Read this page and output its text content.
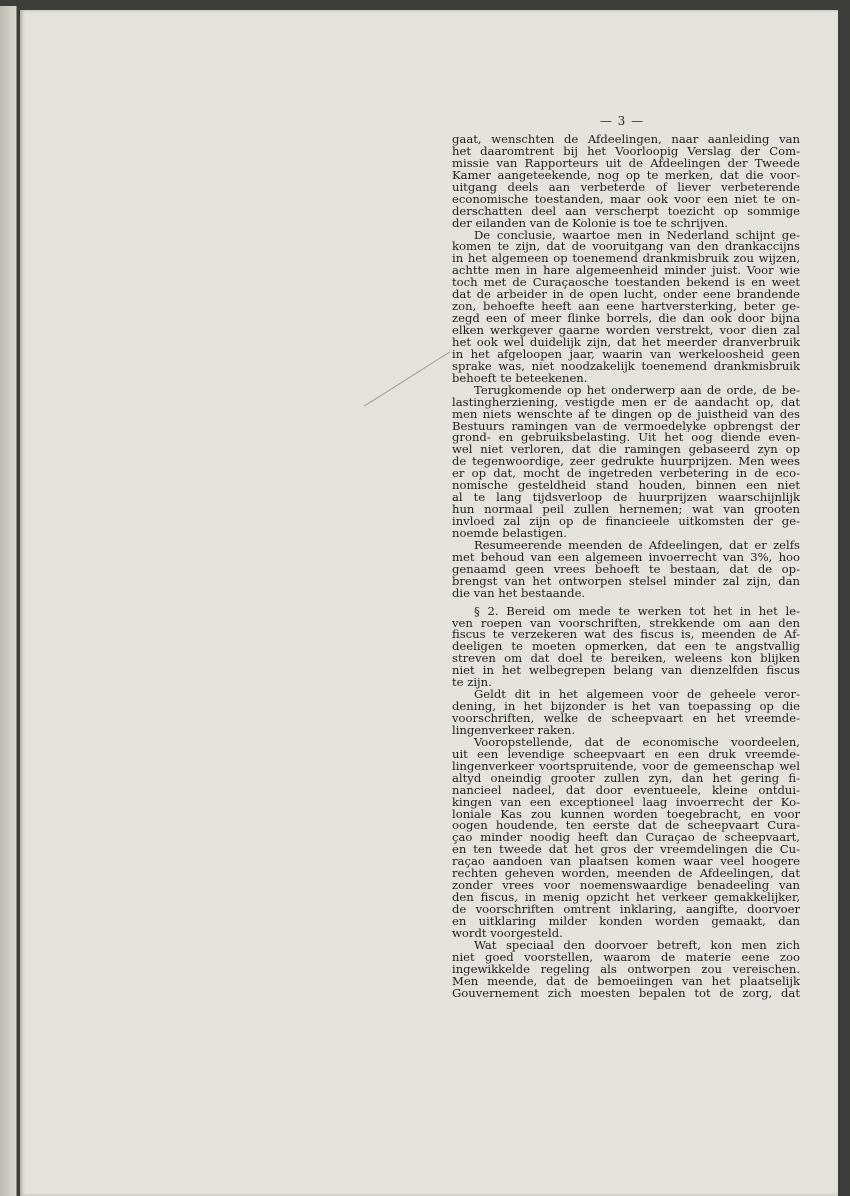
— 3 —
gaat, wenschten de Afdeelingen, naar aanleiding van
het daaromtrent bij het Voorloopig Verslag der Com-
missie van Rapporteurs uit de Afdeelingen der Tweede
Kamer aangeteekende, nog op te merken, dat die voor-
uitgang deels aan verbeterde of liever verbeterende
economische toestanden, maar ook voor een niet te on-
derschatten deel aan verscherpt toezicht op sommige
der eilanden van de Kolonie is toe te schrijven.
De conclusie, waartoe men in Nederland schijnt ge-
komen te zijn, dat de vooruitgang van den drankaccijns
in het algemeen op toenemend drankmisbruik zou wijzen,
achtte men in hare algemeenheid minder juist. Voor wie
toch met de Curaçaosche toestanden bekend is en weet
dat de arbeider in de open lucht, onder eene brandende
zon, behoefte heeft aan eene hartversterking, beter ge-
zegd een of meer flinke borrels, die dan ook door bijna
elken werkgever gaarne worden verstrekt, voor dien zal
het ook wel duidelijk zijn, dat het meerder dranverbruik
in het afgeloopen jaar, waarin van werkeloosheid geen
sprake was, niet noodzakelijk toenemend drankmisbruik
behoeft te beteekenen.
Terugkomende op het onderwerp aan de orde, de be-
lastingherziening, vestigde men er de aandacht op, dat
men niets wenschte af te dingen op de juistheid van des
Bestuurs ramingen van de vermoedelyke opbrengst der
grond- en gebruiksbelasting. Uit het oog diende even-
wel niet verloren, dat die ramingen gebaseerd zyn op
de tegenwoordige, zeer gedrukte huurprijzen. Men wees
er op dat, mocht de ingetreden verbetering in de eco-
nomische gesteldheid stand houden, binnen een niet
al te lang tijdsverloop de huurprijzen waarschijnlijk
hun normaal peil zullen hernemen; wat van grooten
invloed zal zijn op de financieele uitkomsten der ge-
noemde belastigen.
Resumeerende meenden de Afdeelingen, dat er zelfs
met behoud van een algemeen invoerrecht van 3%, hoo
genaamd geen vrees behoeft te bestaan, dat de op-
brengst van het ontworpen stelsel minder zal zijn, dan
die van het bestaande.
§ 2. Bereid om mede te werken tot het in het le-
ven roepen van voorschriften, strekkende om aan den
fiscus te verzekeren wat des fiscus is, meenden de Af-
deeligen te moeten opmerken, dat een te angstvallig
streven om dat doel te bereiken, weleens kon blijken
niet in het welbegrepen belang van dienzelfden fiscus
te zijn.
Geldt dit in het algemeen voor de geheele veror-
dening, in het bijzonder is het van toepassing op die
voorschriften, welke de scheepvaart en het vreemde-
lingenverkeer raken.
Vooropstellende, dat de economische voordeelen,
uit een levendige scheepvaart en een druk vreemde-
lingenverkeer voortspruitende, voor de gemeenschap wel
altyd oneindig grooter zullen zyn, dan het gering fi-
nancieel nadeel, dat door eventueele, kleine ontdui-
kingen van een exceptioneel laag invoerrecht der Ko-
loniale Kas zou kunnen worden toegebracht, en voor
oogen houdende, ten eerste dat de scheepvaart Cura-
çao minder noodig heeft dan Curaçao de scheepvaart,
en ten tweede dat het gros der vreemdelingen die Cu-
raçao aandoen van plaatsen komen waar veel hoogere
rechten geheven worden, meenden de Afdeelingen, dat
zonder vrees voor noemenswaardige benadeeling van
den fiscus, in menig opzicht het verkeer gemakkelijker,
de voorschriften omtrent inklaring, aangifte, doorvoer
en uitklaring milder konden worden gemaakt, dan
wordt voorgesteld.
Wat speciaal den doorvoer betreft, kon men zich
niet goed voorstellen, waarom de materie eene zoo
ingewikkelde regeling als ontworpen zou vereischen.
Men meende, dat de bemoeiingen van het plaatselijk
Gouvernement zich moesten bepalen tot de zorg, dat
